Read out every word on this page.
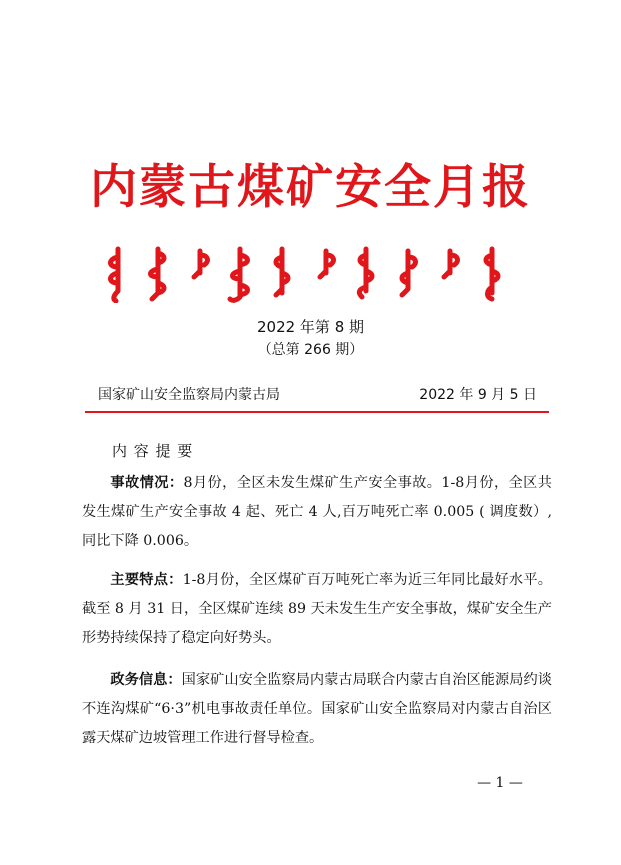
内蒙古煤矿安全月报
2022 年第 8 期
（总第 266 期）
国家矿山安全监察局内蒙古局	2022 年 9 月 5 日
内 容 提 要

事故情况：8月份，全区未发生煤矿生产安全事故。1-8月份，全区共发生煤矿生产安全事故 4 起、死亡 4 人,百万吨死亡率 0.005 ( 调度数）,同比下降 0.006。

主要特点：1-8月份，全区煤矿百万吨死亡率为近三年同比最好水平。截至 8 月 31 日，全区煤矿连续 89 天未发生生产安全事故，煤矿安全生产形势持续保持了稳定向好势头。

政务信息：国家矿山安全监察局内蒙古局联合内蒙古自治区能源局约谈不连沟煤矿“6·3”机电事故责任单位。国家矿山安全监察局对内蒙古自治区露天煤矿边坡管理工作进行督导检查。

— 1 —
